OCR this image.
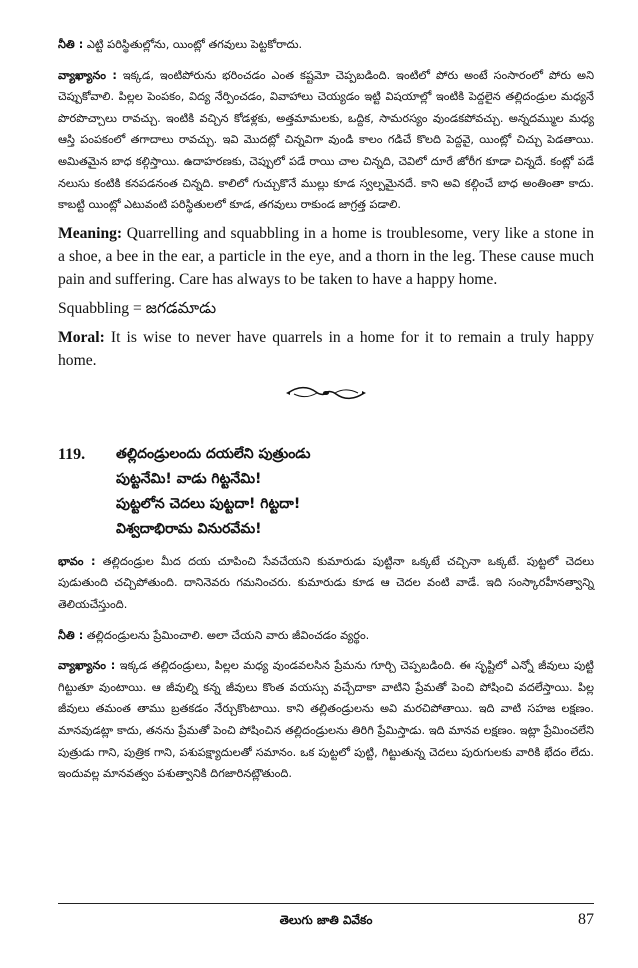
నీతి : ఎట్టి పరిస్థితుల్లోను, యింట్లో తగవులు పెట్టకోరాదు.

వ్యాఖ్యానం : ఇక్కడ, ఇంటిపోరును భరించడం ఎంత కష్టమో చెప్పబడింది. ఇంటిలో పోరు అంటే సంసారంలో పోరు అని చెప్పుకోవాలి. పిల్లల పెంపకం, విద్య నేర్పించడం, వివాహాలు చెయ్యడం ఇట్టి విషయాల్లో ఇంటికి పెద్దలైన తల్లిదండ్రుల మధ్యనే పొరపొచ్చాలు రావచ్చు. ఇంటికి వచ్చిన కోడళ్లకు, అత్తమామలకు, ఒద్దిక, సామరస్యం వుండకపోవచ్చు. అన్నదమ్ముల మధ్య ఆస్తి పంపకంలో తగాదాలు రావచ్చు. ఇవి మొదట్లో చిన్నవిగా వుండి కాలం గడిచే కొలది పెద్దవై, యింట్లో చిచ్చు పెడతాయి. అమితమైన బాధ కల్గిస్తాయి. ఉదాహరణకు, చెప్పులో పడే రాయి చాల చిన్నది, చెవిలో దూరే జోరీగ కూడా చిన్నదే. కంట్లో పడే నలుసు కంటికి కనపడనంత చిన్నది. కాలిలో గుచ్చుకొనే ముల్లు కూడ స్వల్పమైనదే. కాని అవి కల్గించే బాధ అంతింతా కాదు. కాబట్టి యింట్లో ఎటువంటి పరిస్థితులలో కూడ, తగవులు రాకుండ జాగ్రత్త పడాలి.

Meaning: Quarrelling and squabbling in a home is troublesome, very like a stone in a shoe, a bee in the ear, a particle in the eye, and a thorn in the leg. These cause much pain and suffering. Care has always to be taken to have a happy home.

Squabbling = జగడమాడు

Moral: It is wise to never have quarrels in a home for it to remain a truly happy home.

119.	తల్లిదండ్రులందు దయలేని పుత్రుండు
పుట్టనేమి! వాడు గిట్టనేమి!
పుట్టలోన చెదలు పుట్టదా! గిట్టదా!
విశ్వదాభిరామ వినురవేమ!

భావం : తల్లిదండ్రుల మీద దయ చూపించి సేవచేయని కుమారుడు పుట్టినా ఒక్కటే చచ్చినా ఒక్కటే. పుట్టలో చెదలు పుడుతుంది చచ్చిపోతుంది. దానినెవరు గమనించరు. కుమారుడు కూడ ఆ చెదల వంటి వాడే. ఇది సంస్కారహీనత్వాన్ని తెలియచేస్తుంది.

నీతి : తల్లిదండ్రులను ప్రేమించాలి. అలా చేయని వారు జీవించడం వ్యర్థం.

వ్యాఖ్యానం : ఇక్కడ తల్లిదండ్రులు, పిల్లల మధ్య వుండవలసిన ప్రేమను గూర్చి చెప్పబడింది. ఈ సృష్టిలో ఎన్నో జీవులు పుట్టి గిట్టుతూ వుంటాయి. ఆ జీవుల్ని కన్న జీవులు కొంత వయస్సు వచ్చేదాకా వాటిని ప్రేమతో పెంచి పోషించి వదలేస్తాయి. పిల్ల జీవులు తమంత తాము బ్రతకడం నేర్చుకొంటాయి. కాని తల్లితండ్రులను అవి మరచిపోతాయి. ఇది వాటి సహజ లక్షణం. మానవుడట్లా కాదు, తనను ప్రేమతో పెంచి పోషించిన తల్లిదండ్రులను తిరిగి ప్రేమిస్తాడు. ఇది మానవ లక్షణం. ఇట్లా ప్రేమించలేని పుత్రుడు గాని, పుత్రిక గాని, పశుపక్ష్యాదులతో సమానం. ఒక పుట్టలో పుట్టి, గిట్టుతున్న చెదలు పురుగులకు వారికి భేదం లేదు. ఇందువల్ల మానవత్వం పశుత్వానికి దిగజారినట్లౌతుంది.

తెలుగు జాతి వివేకం	87
